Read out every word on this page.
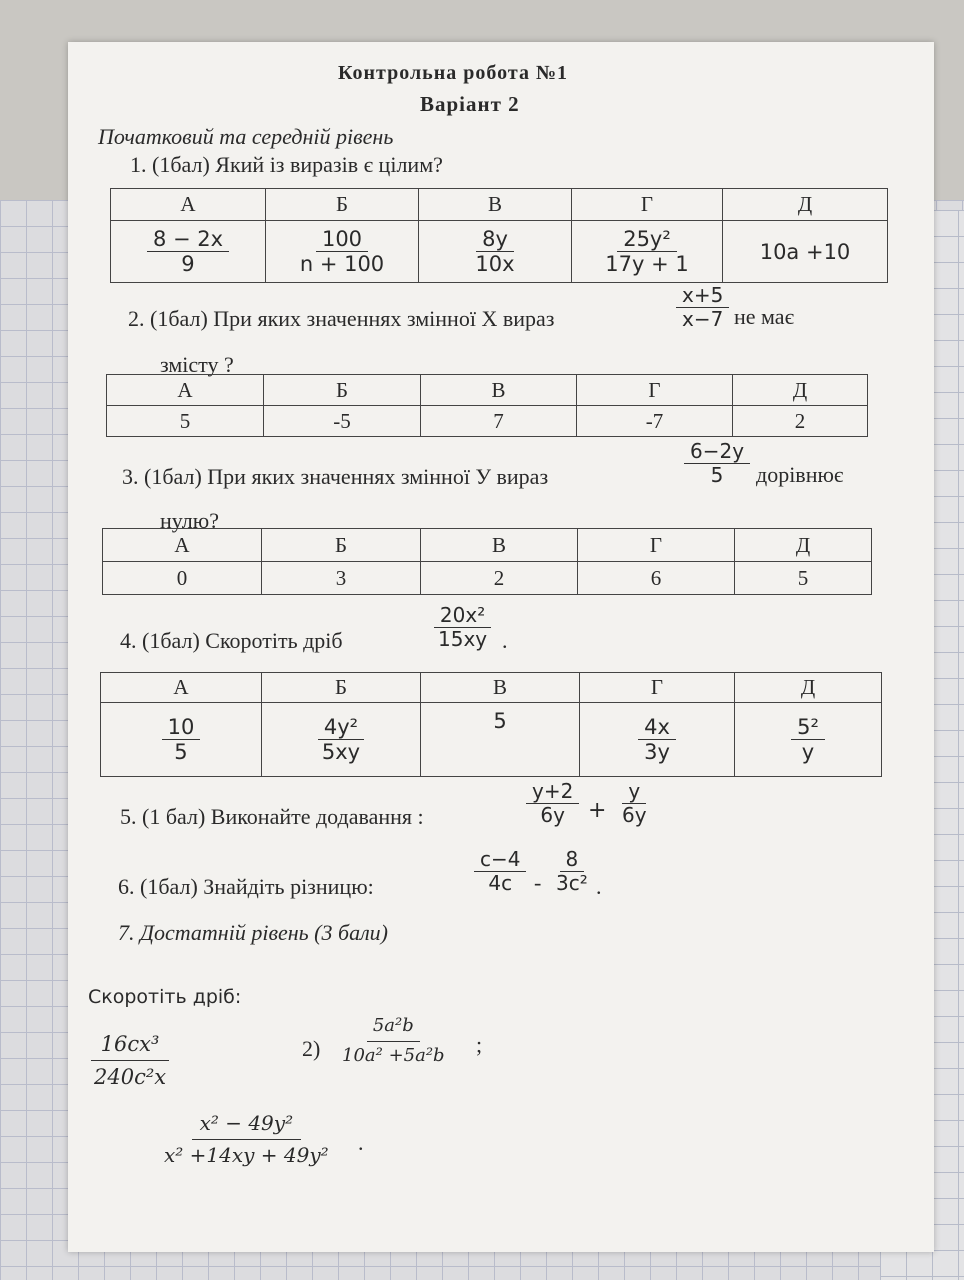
Контрольна робота №1
Варіант 2
Початковий та середній рівень
1. (1бал) Який із виразів є цілим?
А	Б	В	Г	Д

$\frac{8 - 2x}{9}$	$\frac{100}{n + 100}$	$\frac{8y}{10x}$	$\frac{\text{25y²}}{17y + 1}$	10a +10
2. (1бал) При яких значеннях змінної Х вираз	$\frac{x+5}{x-7}$ не має
змісту ?
А	Б	В	Г	Д
5	-5	7	-7	2
3. (1бал) При яких значеннях змінної У вираз	$\frac{6-2y}{5}$ дорівнює
нулю?
А	Б	В	Г	Д
0	3	2	6	5
4. (1бал) Скоротіть дріб	$\frac{\text{20x²}}{15xy}$ .
А	Б	В	Г	Д

$\frac{10}{5}$	$\frac{\text{4y²}}{5xy}$	5	$\frac{4x}{3y}$	$\frac{\text{5²}}{y}$
5. (1 бал) Виконайте додавання :	$\frac{y+2}{6y} + \frac{y}{6y}$
6. (1бал) Знайдіть різницю:	$\frac{c-4}{4c} - \frac{8}{\text{3c²}}$ .
7. Достатній рівень (3 бали)
Скоротіть дріб:
$\frac{\text{16cx³}}{\text{240c²x}}$	$2) \frac{\text{5a²b}}{\text{10a² +5a²b}}$ ;
$\frac{\text{x² − 49y²}}{\text{x² +14xy + 49y²}}$ .
